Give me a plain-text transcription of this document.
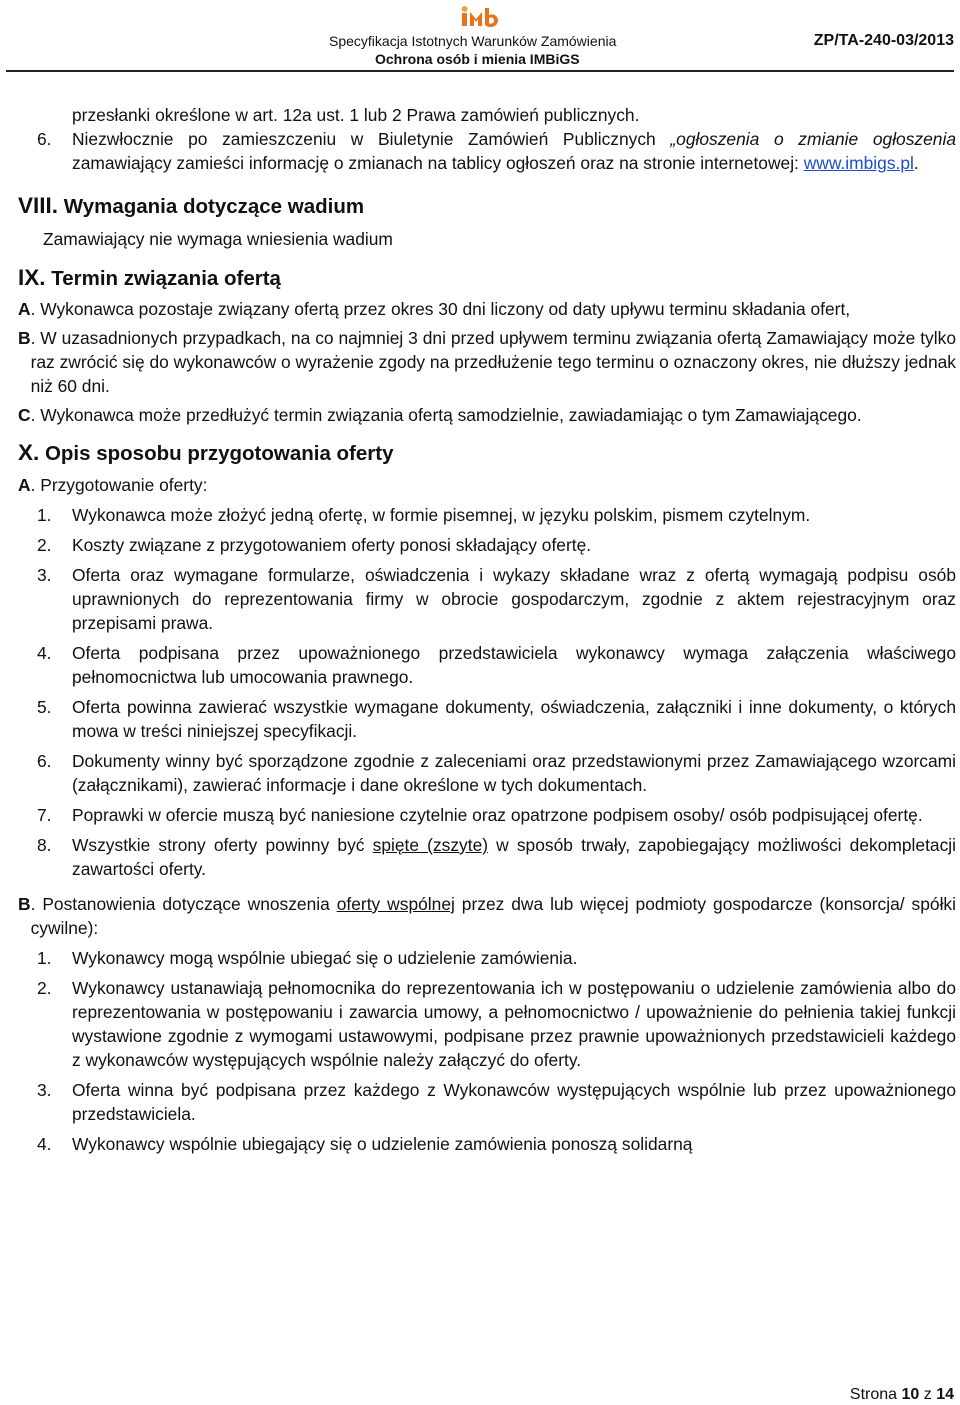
IMB
Specyfikacja Istotnych Warunków Zamówienia
Ochrona osób i mienia IMBiGS
ZP/TA-240-03/2013

przesłanki określone w art. 12a ust. 1 lub 2 Prawa zamówień publicznych.

6.	Niezwłocznie po zamieszczeniu w Biuletynie Zamówień Publicznych „ogłoszenia o zmianie ogłoszenia zamawiający zamieści informację o zmianach na tablicy ogłoszeń oraz na stronie internetowej: www.imbigs.pl.
VIII. Wymagania dotyczące wadium

Zamawiający nie wymaga wniesienia wadium

IX. Termin związania ofertą
A . Wykonawca pozostaje związany ofertą przez okres 30 dni liczony od daty upływu terminu składania ofert,
B . W uzasadnionych przypadkach, na co najmniej 3 dni przed upływem terminu związania ofertą Zamawiający może tylko raz zwrócić się do wykonawców o wyrażenie zgody na przedłużenie tego terminu o oznaczony okres, nie dłuższy jednak niż 60 dni.
C . Wykonawca może przedłużyć termin związania ofertą samodzielnie, zawiadamiając o tym Zamawiającego.
X. Opis sposobu przygotowania oferty

A. Przygotowanie oferty:

1.	Wykonawca może złożyć jedną ofertę, w formie pisemnej, w języku polskim, pismem czytelnym.
2.	Koszty związane z przygotowaniem oferty ponosi składający ofertę.
3.	Oferta oraz wymagane formularze, oświadczenia i wykazy składane wraz z ofertą wymagają podpisu osób uprawnionych do reprezentowania firmy w obrocie gospodarczym, zgodnie z aktem rejestracyjnym oraz przepisami prawa.
4.	Oferta podpisana przez upoważnionego przedstawiciela wykonawcy wymaga załączenia właściwego pełnomocnictwa lub umocowania prawnego.
5.	Oferta powinna zawierać wszystkie wymagane dokumenty, oświadczenia, załączniki i inne dokumenty, o których mowa w treści niniejszej specyfikacji.
6.	Dokumenty winny być sporządzone zgodnie z zaleceniami oraz przedstawionymi przez Zamawiającego wzorcami (załącznikami), zawierać informacje i dane określone w tych dokumentach.
7.	Poprawki w ofercie muszą być naniesione czytelnie oraz opatrzone podpisem osoby/ osób podpisującej ofertę.
8.	Wszystkie strony oferty powinny być spięte (zszyte) w sposób trwały, zapobiegający możliwości dekompletacji zawartości oferty.
B . Postanowienia dotyczące wnoszenia oferty wspólnej przez dwa lub więcej podmioty gospodarcze (konsorcja/ spółki cywilne):
1.	Wykonawcy mogą wspólnie ubiegać się o udzielenie zamówienia.
2.	Wykonawcy ustanawiają pełnomocnika do reprezentowania ich w postępowaniu o udzielenie zamówienia albo do reprezentowania w postępowaniu i zawarcia umowy, a pełnomocnictwo / upoważnienie do pełnienia takiej funkcji wystawione zgodnie z wymogami ustawowymi, podpisane przez prawnie upoważnionych przedstawicieli każdego z wykonawców występujących wspólnie należy załączyć do oferty.
3.	Oferta winna być podpisana przez każdego z Wykonawców występujących wspólnie lub przez upoważnionego przedstawiciela.
4.	Wykonawcy wspólnie ubiegający się o udzielenie zamówienia ponoszą solidarną
Strona 10 z 14
